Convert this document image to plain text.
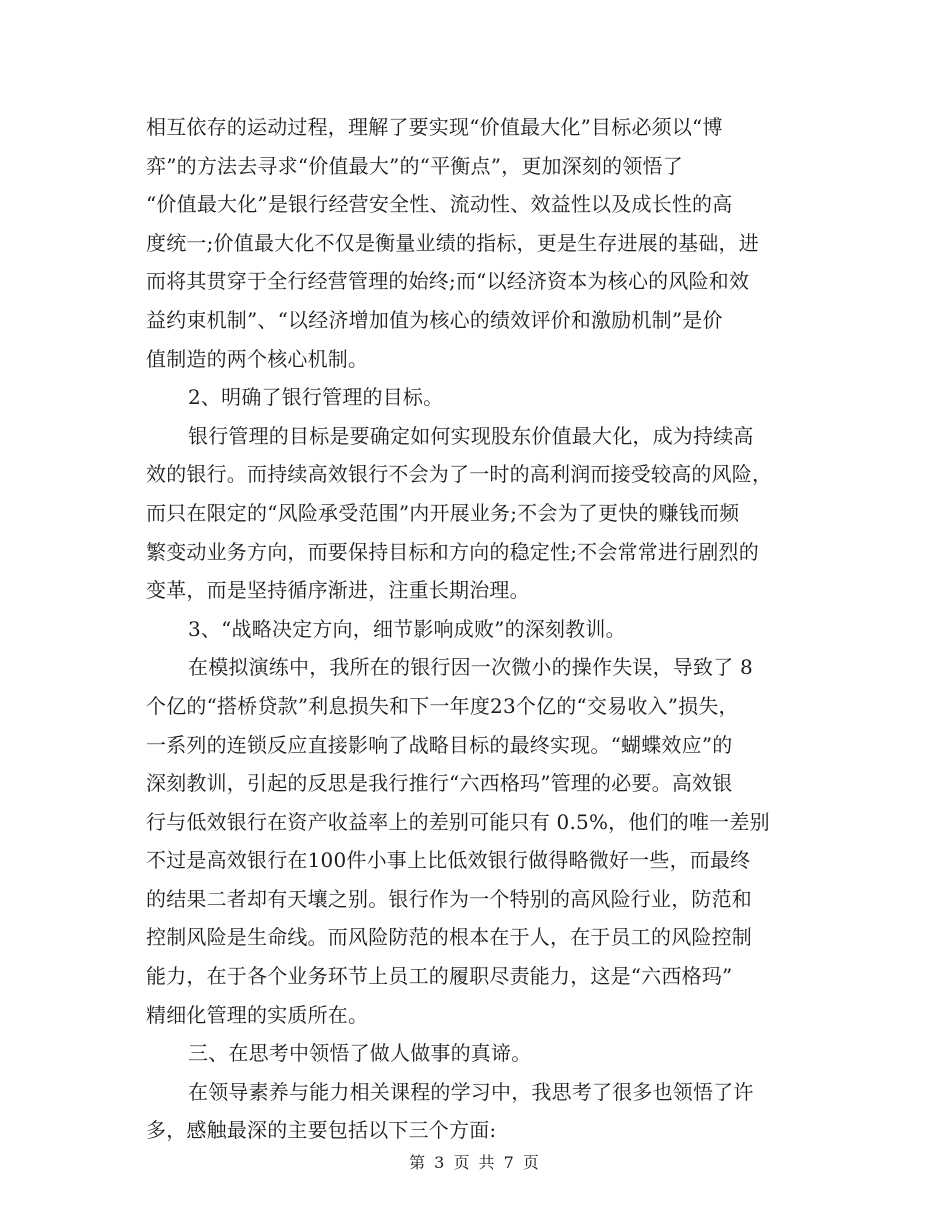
相互依存的运动过程，理解了要实现“价值最大化”目标必须以“博
弈”的方法去寻求“价值最大”的“平衡点”，更加深刻的领悟了
“价值最大化”是银行经营安全性、流动性、效益性以及成长性的高
度统一;价值最大化不仅是衡量业绩的指标，更是生存进展的基础，进
而将其贯穿于全行经营管理的始终;而“以经济资本为核心的风险和效
益约束机制”、“以经济增加值为核心的绩效评价和激励机制”是价
值制造的两个核心机制。
2、明确了银行管理的目标。
银行管理的目标是要确定如何实现股东价值最大化，成为持续高
效的银行。而持续高效银行不会为了一时的高利润而接受较高的风险，
而只在限定的“风险承受范围”内开展业务;不会为了更快的赚钱而频
繁变动业务方向，而要保持目标和方向的稳定性;不会常常进行剧烈的
变革，而是坚持循序渐进，注重长期治理。
3、“战略决定方向，细节影响成败”的深刻教训。
在模拟演练中，我所在的银行因一次微小的操作失误，导致了 8
个亿的“搭桥贷款”利息损失和下一年度23个亿的“交易收入”损失，
一系列的连锁反应直接影响了战略目标的最终实现。“蝴蝶效应”的
深刻教训，引起的反思是我行推行“六西格玛”管理的必要。高效银
行与低效银行在资产收益率上的差别可能只有 0.5%，他们的唯一差别
不过是高效银行在100件小事上比低效银行做得略微好一些，而最终
的结果二者却有天壤之别。银行作为一个特别的高风险行业，防范和
控制风险是生命线。而风险防范的根本在于人，在于员工的风险控制
能力，在于各个业务环节上员工的履职尽责能力，这是“六西格玛”
精细化管理的实质所在。
三、在思考中领悟了做人做事的真谛。
在领导素养与能力相关课程的学习中，我思考了很多也领悟了许
多，感触最深的主要包括以下三个方面:
第 3 页 共 7 页
